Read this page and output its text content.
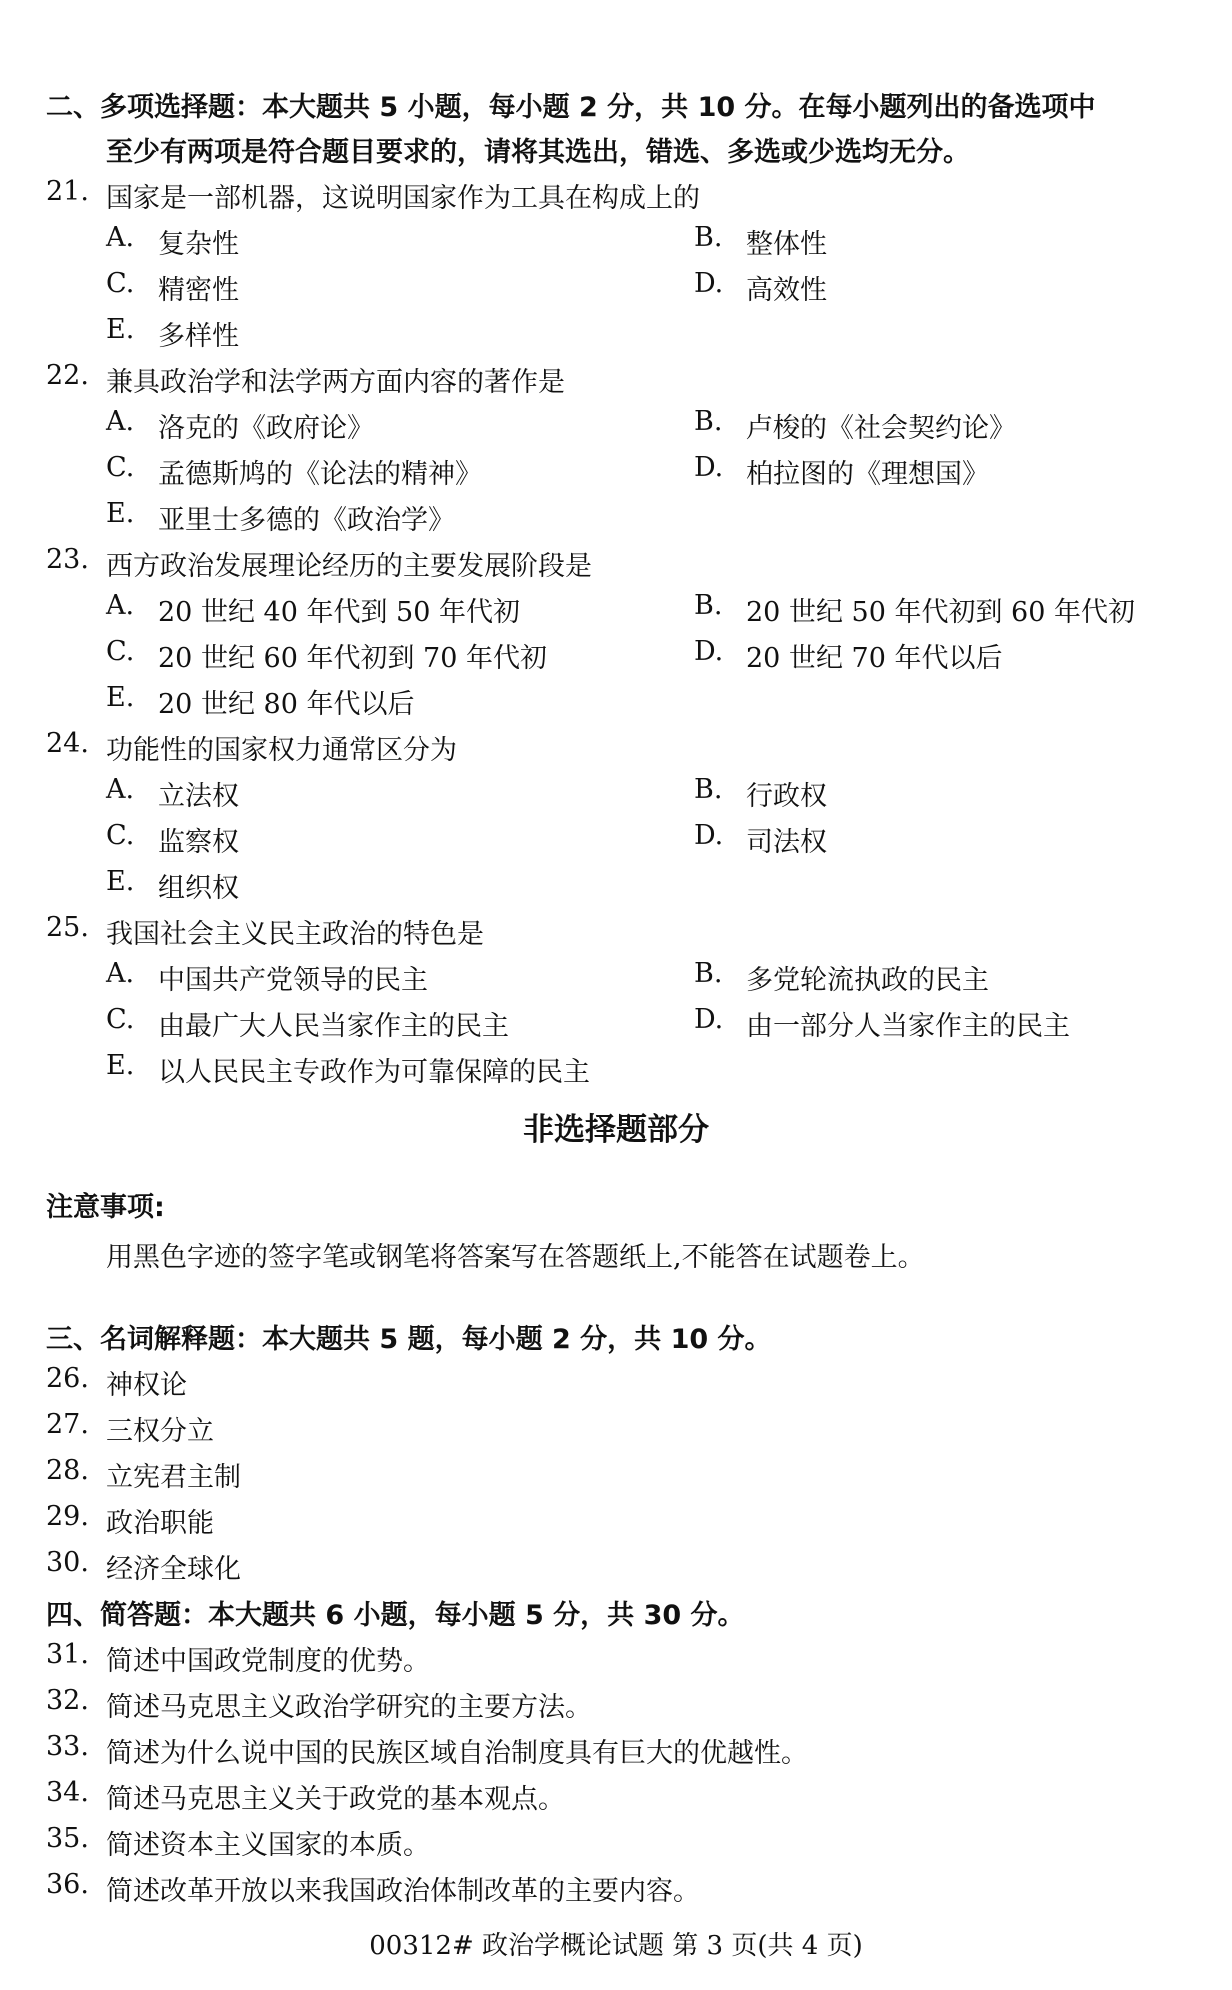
二、多项选择题：本大题共 5 小题，每小题 2 分，共 10 分。在每小题列出的备选项中
至少有两项是符合题目要求的，请将其选出，错选、多选或少选均无分。
21. 国家是一部机器，这说明国家作为工具在构成上的
A. 复杂性	B. 整体性
C. 精密性	D. 高效性
E. 多样性
22. 兼具政治学和法学两方面内容的著作是
A. 洛克的《政府论》	B. 卢梭的《社会契约论》
C. 孟德斯鸠的《论法的精神》	D. 柏拉图的《理想国》
E. 亚里士多德的《政治学》
23. 西方政治发展理论经历的主要发展阶段是
A. 20 世纪 40 年代到 50 年代初	B. 20 世纪 50 年代初到 60 年代初
C. 20 世纪 60 年代初到 70 年代初	D. 20 世纪 70 年代以后
E. 20 世纪 80 年代以后
24. 功能性的国家权力通常区分为
A. 立法权	B. 行政权
C. 监察权	D. 司法权
E. 组织权
25. 我国社会主义民主政治的特色是
A. 中国共产党领导的民主	B. 多党轮流执政的民主
C. 由最广大人民当家作主的民主	D. 由一部分人当家作主的民主
E. 以人民民主专政作为可靠保障的民主
非选择题部分
注意事项:
用黑色字迹的签字笔或钢笔将答案写在答题纸上,不能答在试题卷上。
三、名词解释题：本大题共 5 题，每小题 2 分，共 10 分。
26. 神权论
27. 三权分立
28. 立宪君主制
29. 政治职能
30. 经济全球化
四、简答题：本大题共 6 小题，每小题 5 分，共 30 分。
31. 简述中国政党制度的优势。
32. 简述马克思主义政治学研究的主要方法。
33. 简述为什么说中国的民族区域自治制度具有巨大的优越性。
34. 简述马克思主义关于政党的基本观点。
35. 简述资本主义国家的本质。
36. 简述改革开放以来我国政治体制改革的主要内容。
00312# 政治学概论试题 第 3 页(共 4 页)
